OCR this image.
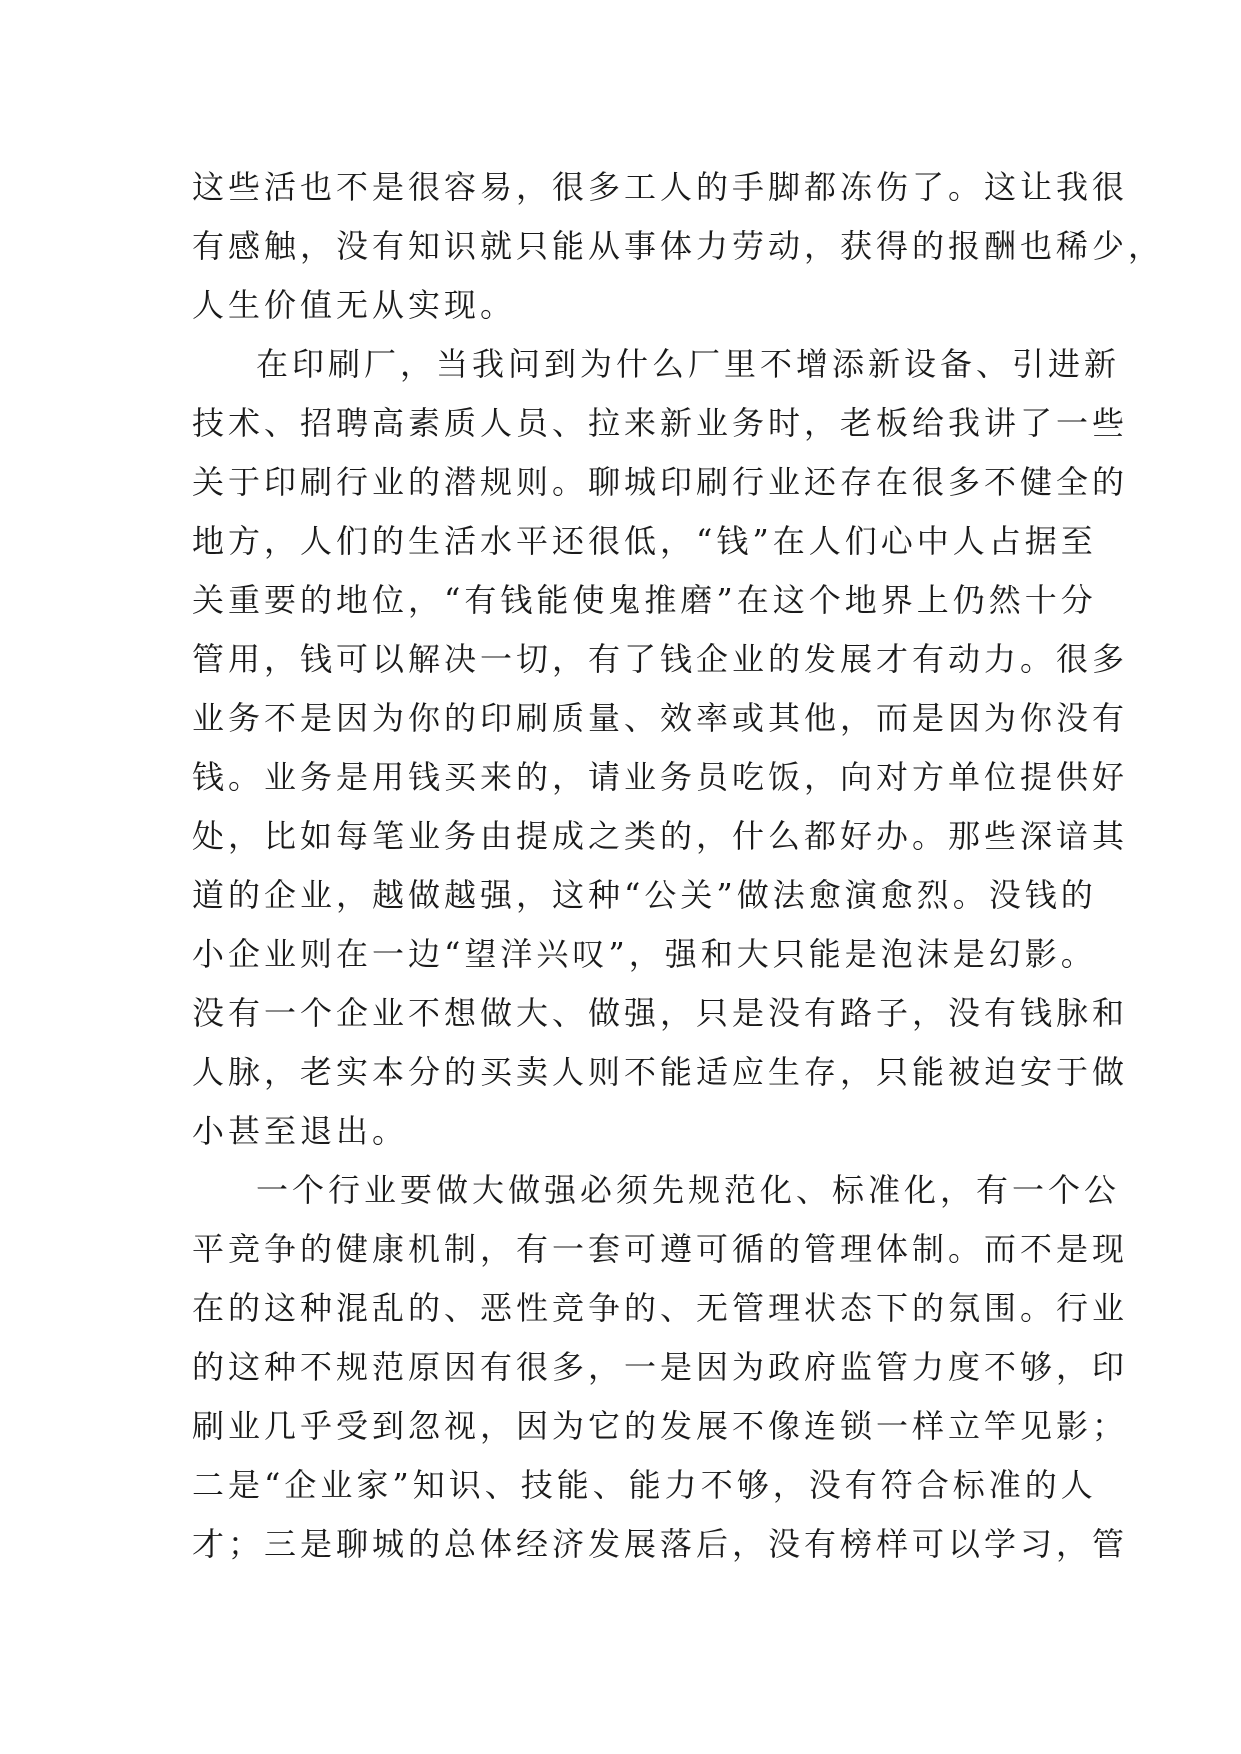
这些活也不是很容易，很多工人的手脚都冻伤了。这让我很
有感触，没有知识就只能从事体力劳动，获得的报酬也稀少，
人生价值无从实现。
在印刷厂，当我问到为什么厂里不增添新设备、引进新
技术、招聘高素质人员、拉来新业务时，老板给我讲了一些
关于印刷行业的潜规则。聊城印刷行业还存在很多不健全的
地方，人们的生活水平还很低，“钱”在人们心中人占据至
关重要的地位，“有钱能使鬼推磨”在这个地界上仍然十分
管用，钱可以解决一切，有了钱企业的发展才有动力。很多
业务不是因为你的印刷质量、效率或其他，而是因为你没有
钱。业务是用钱买来的，请业务员吃饭，向对方单位提供好
处，比如每笔业务由提成之类的，什么都好办。那些深谙其
道的企业，越做越强，这种“公关”做法愈演愈烈。没钱的
小企业则在一边“望洋兴叹”，强和大只能是泡沫是幻影。
没有一个企业不想做大、做强，只是没有路子，没有钱脉和
人脉，老实本分的买卖人则不能适应生存，只能被迫安于做
小甚至退出。
一个行业要做大做强必须先规范化、标准化，有一个公
平竞争的健康机制，有一套可遵可循的管理体制。而不是现
在的这种混乱的、恶性竞争的、无管理状态下的氛围。行业
的这种不规范原因有很多，一是因为政府监管力度不够，印
刷业几乎受到忽视，因为它的发展不像连锁一样立竿见影；
二是“企业家”知识、技能、能力不够，没有符合标准的人
才；三是聊城的总体经济发展落后，没有榜样可以学习，管
